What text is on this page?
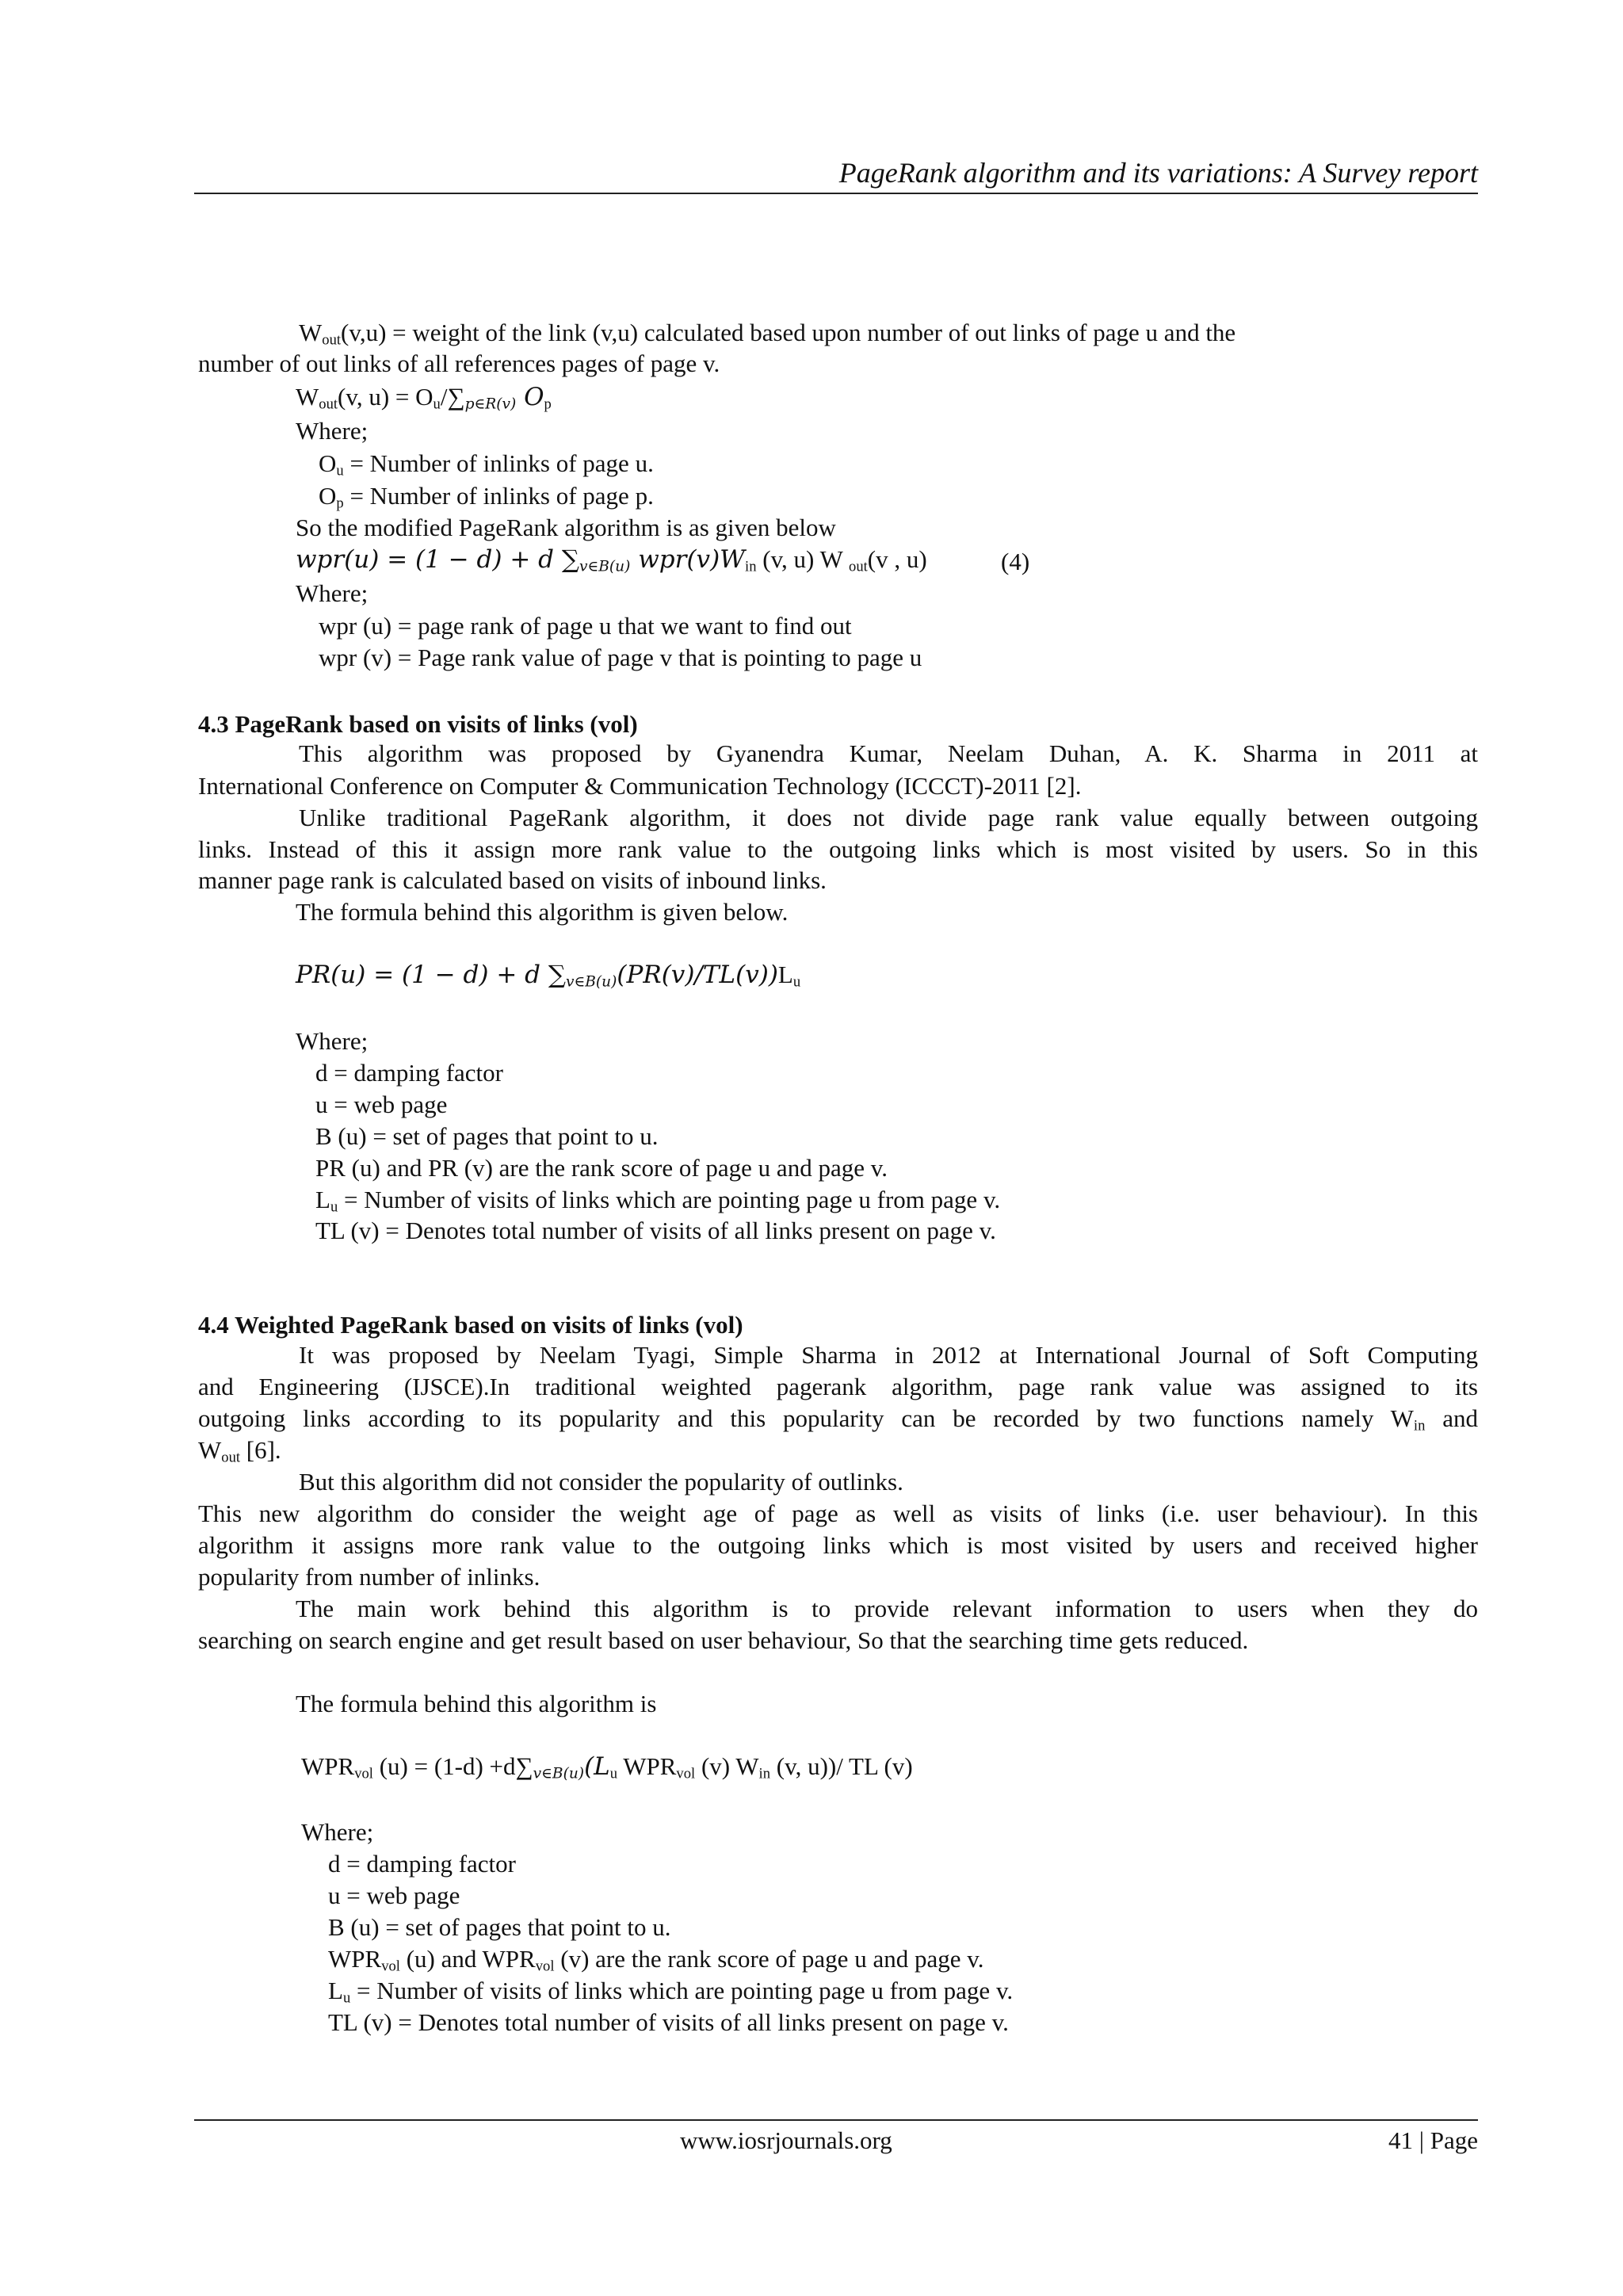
PageRank algorithm and its variations: A Survey report
$W_{out}(v,u)$ = weight of the link (v,u) calculated based upon number of out links of page u and the
number of out links of all references pages of page v.
$W_{out}(v$, $u) = O_u/\sum_{p\in R(v)}$ $O_p$
Where;
$O_u$ = Number of inlinks of page u.
$O_p$ = Number of inlinks of page p.
So the modified PageRank algorithm is as given below
wpr(u) = (1 − d) + d $\sum_{v\in B(u)}$ $wpr(v)W_{in}$ (v, u) W $_{out}$(v , u)	(4)
Where;
wpr (u) = page rank of page u that we want to find out
wpr (v) = Page rank value of page v that is pointing to page u
4.3 PageRank based on visits of links (vol)
This algorithm was proposed by Gyanendra Kumar, Neelam Duhan, A. K. Sharma in 2011 at
International Conference on Computer & Communication Technology (ICCCT)-2011 [2].
Unlike traditional PageRank algorithm, it does not divide page rank value equally between outgoing
links. Instead of this it assign more rank value to the outgoing links which is most visited by users. So in this
manner page rank is calculated based on visits of inbound links.
The formula behind this algorithm is given below.
PR(u) = (1 − d) + d $\sum_{v\in B(u)}(PR(v)/TL(v))L_u$
Where;
d = damping factor
u = web page
B (u) = set of pages that point to u.
PR (u) and PR (v) are the rank score of page u and page v.
$L_u$ = Number of visits of links which are pointing page u from page v.
TL (v) = Denotes total number of visits of all links present on page v.
4.4 Weighted PageRank based on visits of links (vol)
It was proposed by Neelam Tyagi, Simple Sharma in 2012 at International Journal of Soft Computing
and Engineering (IJSCE).In traditional weighted pagerank algorithm, page rank value was assigned to its
outgoing links according to its popularity and this popularity can be recorded by two functions namely $W_{in}$ and
$W_{out}$ [6].
But this algorithm did not consider the popularity of outlinks.
This new algorithm do consider the weight age of page as well as visits of links (i.e. user behaviour). In this
algorithm it assigns more rank value to the outgoing links which is most visited by users and received higher
popularity from number of inlinks.
The main work behind this algorithm is to provide relevant information to users when they do
searching on search engine and get result based on user behaviour, So that the searching time gets reduced.
The formula behind this algorithm is
$WPR_{vol}$ $(u) = (1-d) +d\sum_{v\in B(u)}(L_u$ $WPR_{vol}$ (v) $W_{in}$ (v, u))/ TL (v)
Where;
d = damping factor
u = web page
B (u) = set of pages that point to u.
$WPR_{vol}$ (u) and $WPR_{vol}$ (v) are the rank score of page u and page v.
$L_u$ = Number of visits of links which are pointing page u from page v.
TL (v) = Denotes total number of visits of all links present on page v.
www.iosrjournals.org	41 | Page
